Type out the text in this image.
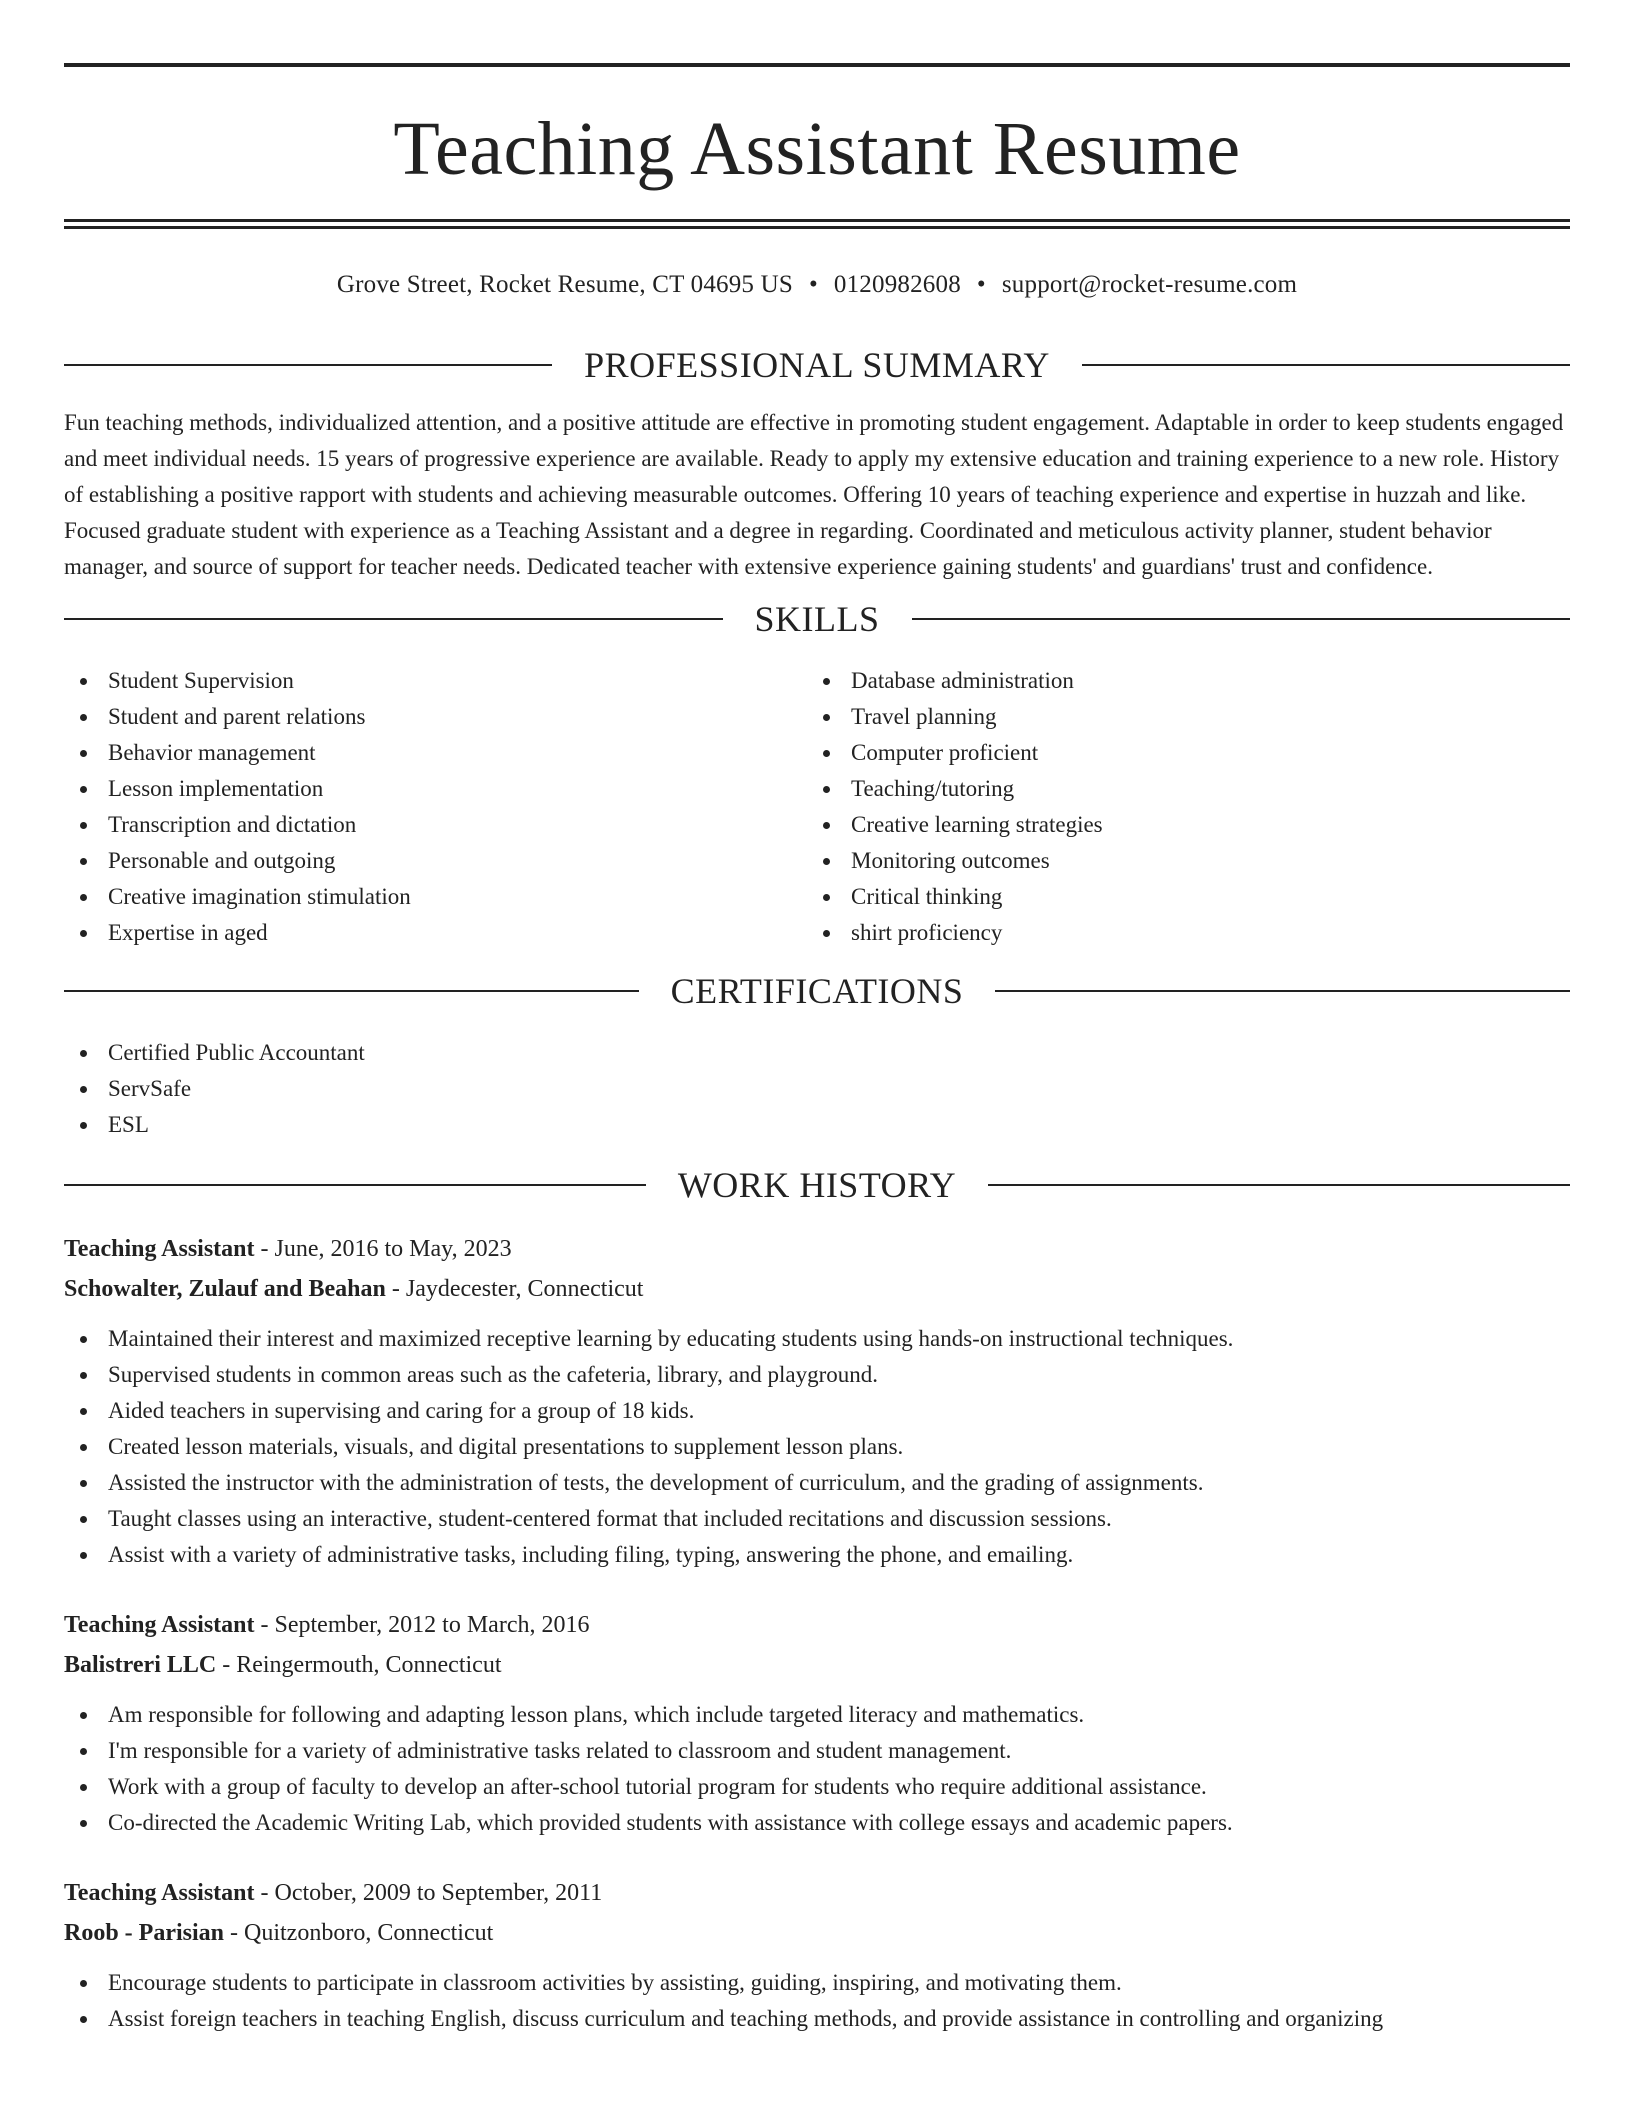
Teaching Assistant Resume
Grove Street, Rocket Resume, CT 04695 US • 0120982608 • support@rocket-resume.com
PROFESSIONAL SUMMARY

Fun teaching methods, individualized attention, and a positive attitude are effective in promoting student engagement. Adaptable in order to keep students engaged and meet individual needs. 15 years of progressive experience are available. Ready to apply my extensive education and training experience to a new role. History of establishing a positive rapport with students and achieving measurable outcomes. Offering 10 years of teaching experience and expertise in huzzah and like. Focused graduate student with experience as a Teaching Assistant and a degree in regarding. Coordinated and meticulous activity planner, student behavior manager, and source of support for teacher needs. Dedicated teacher with extensive experience gaining students' and guardians' trust and confidence.

SKILLS
Student Supervision
Student and parent relations
Behavior management
Lesson implementation
Transcription and dictation
Personable and outgoing
Creative imagination stimulation
Expertise in aged
Database administration
Travel planning
Computer proficient
Teaching/tutoring
Creative learning strategies
Monitoring outcomes
Critical thinking
shirt proficiency
CERTIFICATIONS
Certified Public Accountant
ServSafe
ESL
WORK HISTORY
Teaching Assistant - June, 2016 to May, 2023
Schowalter, Zulauf and Beahan - Jaydecester, Connecticut
Maintained their interest and maximized receptive learning by educating students using hands-on instructional techniques.
Supervised students in common areas such as the cafeteria, library, and playground.
Aided teachers in supervising and caring for a group of 18 kids.
Created lesson materials, visuals, and digital presentations to supplement lesson plans.
Assisted the instructor with the administration of tests, the development of curriculum, and the grading of assignments.
Taught classes using an interactive, student-centered format that included recitations and discussion sessions.
Assist with a variety of administrative tasks, including filing, typing, answering the phone, and emailing.
Teaching Assistant - September, 2012 to March, 2016
Balistreri LLC - Reingermouth, Connecticut
Am responsible for following and adapting lesson plans, which include targeted literacy and mathematics.
I'm responsible for a variety of administrative tasks related to classroom and student management.
Work with a group of faculty to develop an after-school tutorial program for students who require additional assistance.
Co-directed the Academic Writing Lab, which provided students with assistance with college essays and academic papers.
Teaching Assistant - October, 2009 to September, 2011
Roob - Parisian - Quitzonboro, Connecticut
Encourage students to participate in classroom activities by assisting, guiding, inspiring, and motivating them.
Assist foreign teachers in teaching English, discuss curriculum and teaching methods, and provide assistance in controlling and organizing
